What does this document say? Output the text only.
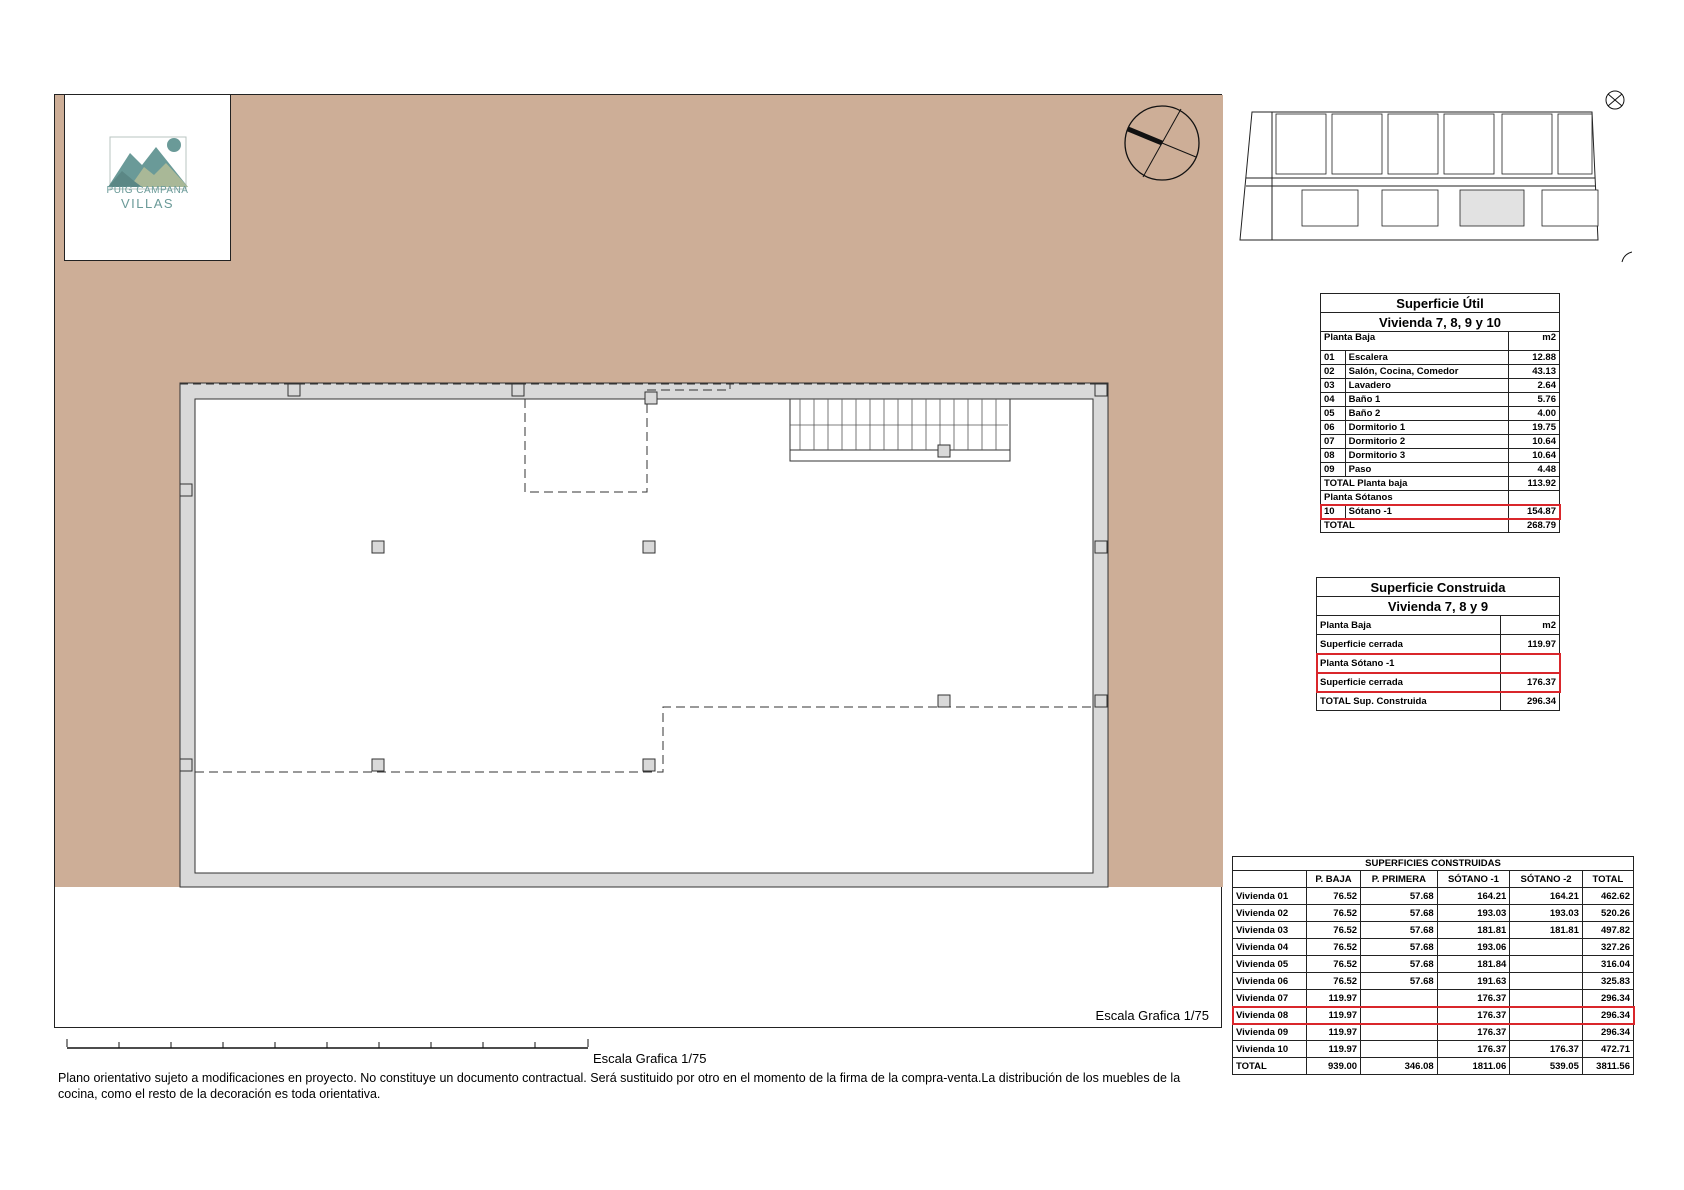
Escala Grafica 1/75
PUIG CAMPANA
VILLAS
Escala Grafica 1/75
Plano orientativo sujeto a modificaciones en proyecto. No constituye un documento contractual. Será sustituido por otro en el momento de la firma de la compra-venta.La distribución de los muebles de la cocina, como el resto de la decoración es toda orientativa.
Superficie Útil		
Vivienda 7, 8, 9 y 10		
Planta Baja		m2
01	Escalera	12.88
02	Salón, Cocina, Comedor	43.13
03	Lavadero	2.64
04	Baño 1	5.76
05	Baño 2	4.00
06	Dormitorio 1	19.75
07	Dormitorio 2	10.64
08	Dormitorio 3	10.64
09	Paso	4.48
TOTAL Planta baja		113.92
Planta Sótanos		
10	Sótano -1	154.87
TOTAL		268.79
Superficie Construida	
Vivienda 7, 8 y 9	
Planta Baja	m2
Superficie cerrada	119.97
Planta Sótano -1	
Superficie cerrada	176.37
TOTAL Sup. Construida	296.34
SUPERFICIES CONSTRUIDAS					
	P. BAJA	P. PRIMERA	SÓTANO -1	SÓTANO -2	TOTAL
Vivienda 01	76.52	57.68	164.21	164.21	462.62
Vivienda 02	76.52	57.68	193.03	193.03	520.26
Vivienda 03	76.52	57.68	181.81	181.81	497.82
Vivienda 04	76.52	57.68	193.06		327.26
Vivienda 05	76.52	57.68	181.84		316.04
Vivienda 06	76.52	57.68	191.63		325.83
Vivienda 07	119.97		176.37		296.34
Vivienda 08	119.97		176.37		296.34
Vivienda 09	119.97		176.37		296.34
Vivienda 10	119.97		176.37	176.37	472.71
TOTAL	939.00	346.08	1811.06	539.05	3811.56
